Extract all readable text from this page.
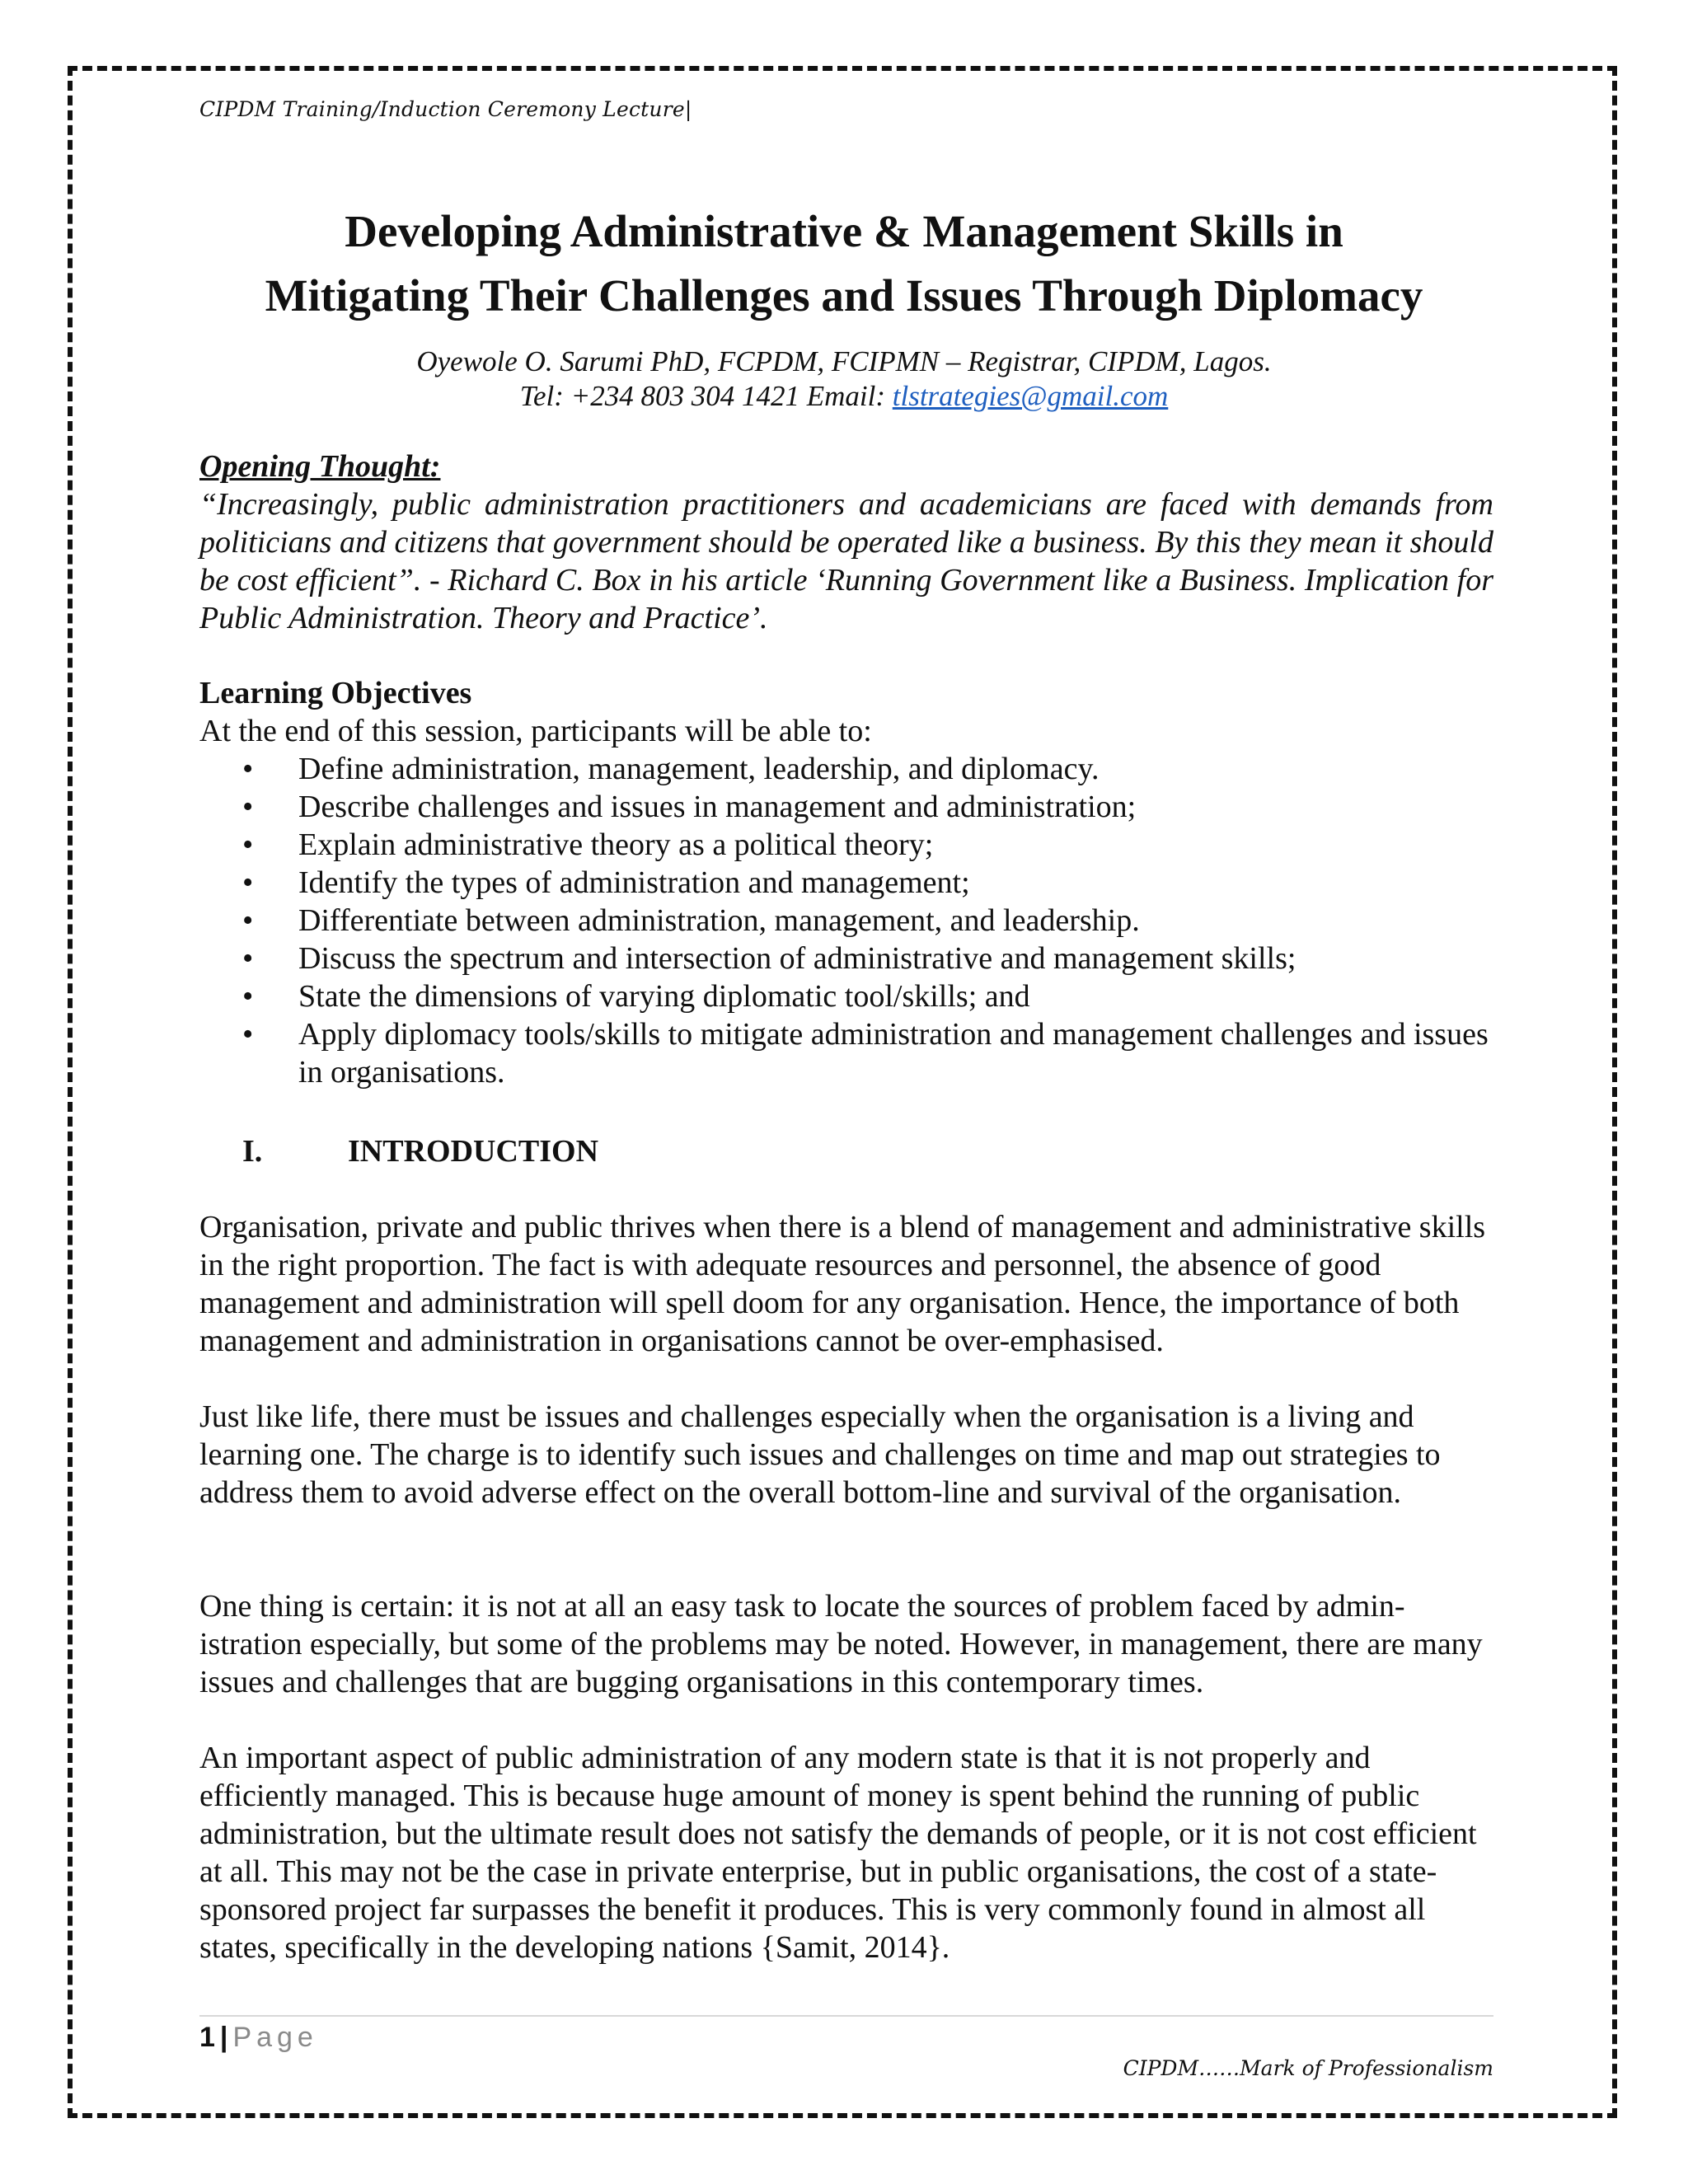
CIPDM Training/Induction Ceremony Lecture|
Developing Administrative & Management Skills in
Mitigating Their Challenges and Issues Through Diplomacy
Oyewole O. Sarumi PhD, FCPDM, FCIPMN – Registrar, CIPDM, Lagos.
Tel: +234 803 304 1421 Email: tlstrategies@gmail.com
Opening Thought:
“Increasingly, public administration practitioners and academicians are faced with demands from politicians and citizens that government should be operated like a business. By this they mean it should be cost efficient”. - Richard C. Box in his article ‘Running Government like a Business. Implication for Public Administration. Theory and Practice’.
Learning Objectives
At the end of this session, participants will be able to:
• Define administration, management, leadership, and diplomacy.
• Describe challenges and issues in management and administration;
• Explain administrative theory as a political theory;
• Identify the types of administration and management;
• Differentiate between administration, management, and leadership.
• Discuss the spectrum and intersection of administrative and management skills;
• State the dimensions of varying diplomatic tool/skills; and
• Apply diplomacy tools/skills to mitigate administration and management challenges and issues in organisations.
I.	INTRODUCTION
Organisation, private and public thrives when there is a blend of management and administrative skills in the right proportion. The fact is with adequate resources and personnel, the absence of good management and administration will spell doom for any organisation. Hence, the importance of both management and administration in organisations cannot be over-emphasised.
Just like life, there must be issues and challenges especially when the organisation is a living and learning one. The charge is to identify such issues and challenges on time and map out strategies to address them to avoid adverse effect on the overall bottom-line and survival of the organisation.
One thing is certain: it is not at all an easy task to locate the sources of problem faced by admin-istration especially, but some of the problems may be noted. However, in management, there are many issues and challenges that are bugging organisations in this contemporary times.
An important aspect of public administration of any modern state is that it is not properly and efficiently managed. This is because huge amount of money is spent behind the running of public administration, but the ultimate result does not satisfy the demands of people, or it is not cost efficient at all. This may not be the case in private enterprise, but in public organisations, the cost of a state-sponsored project far surpasses the benefit it produces. This is very commonly found in almost all states, specifically in the developing nations {Samit, 2014}.
1 | Page
CIPDM……Mark of Professionalism
